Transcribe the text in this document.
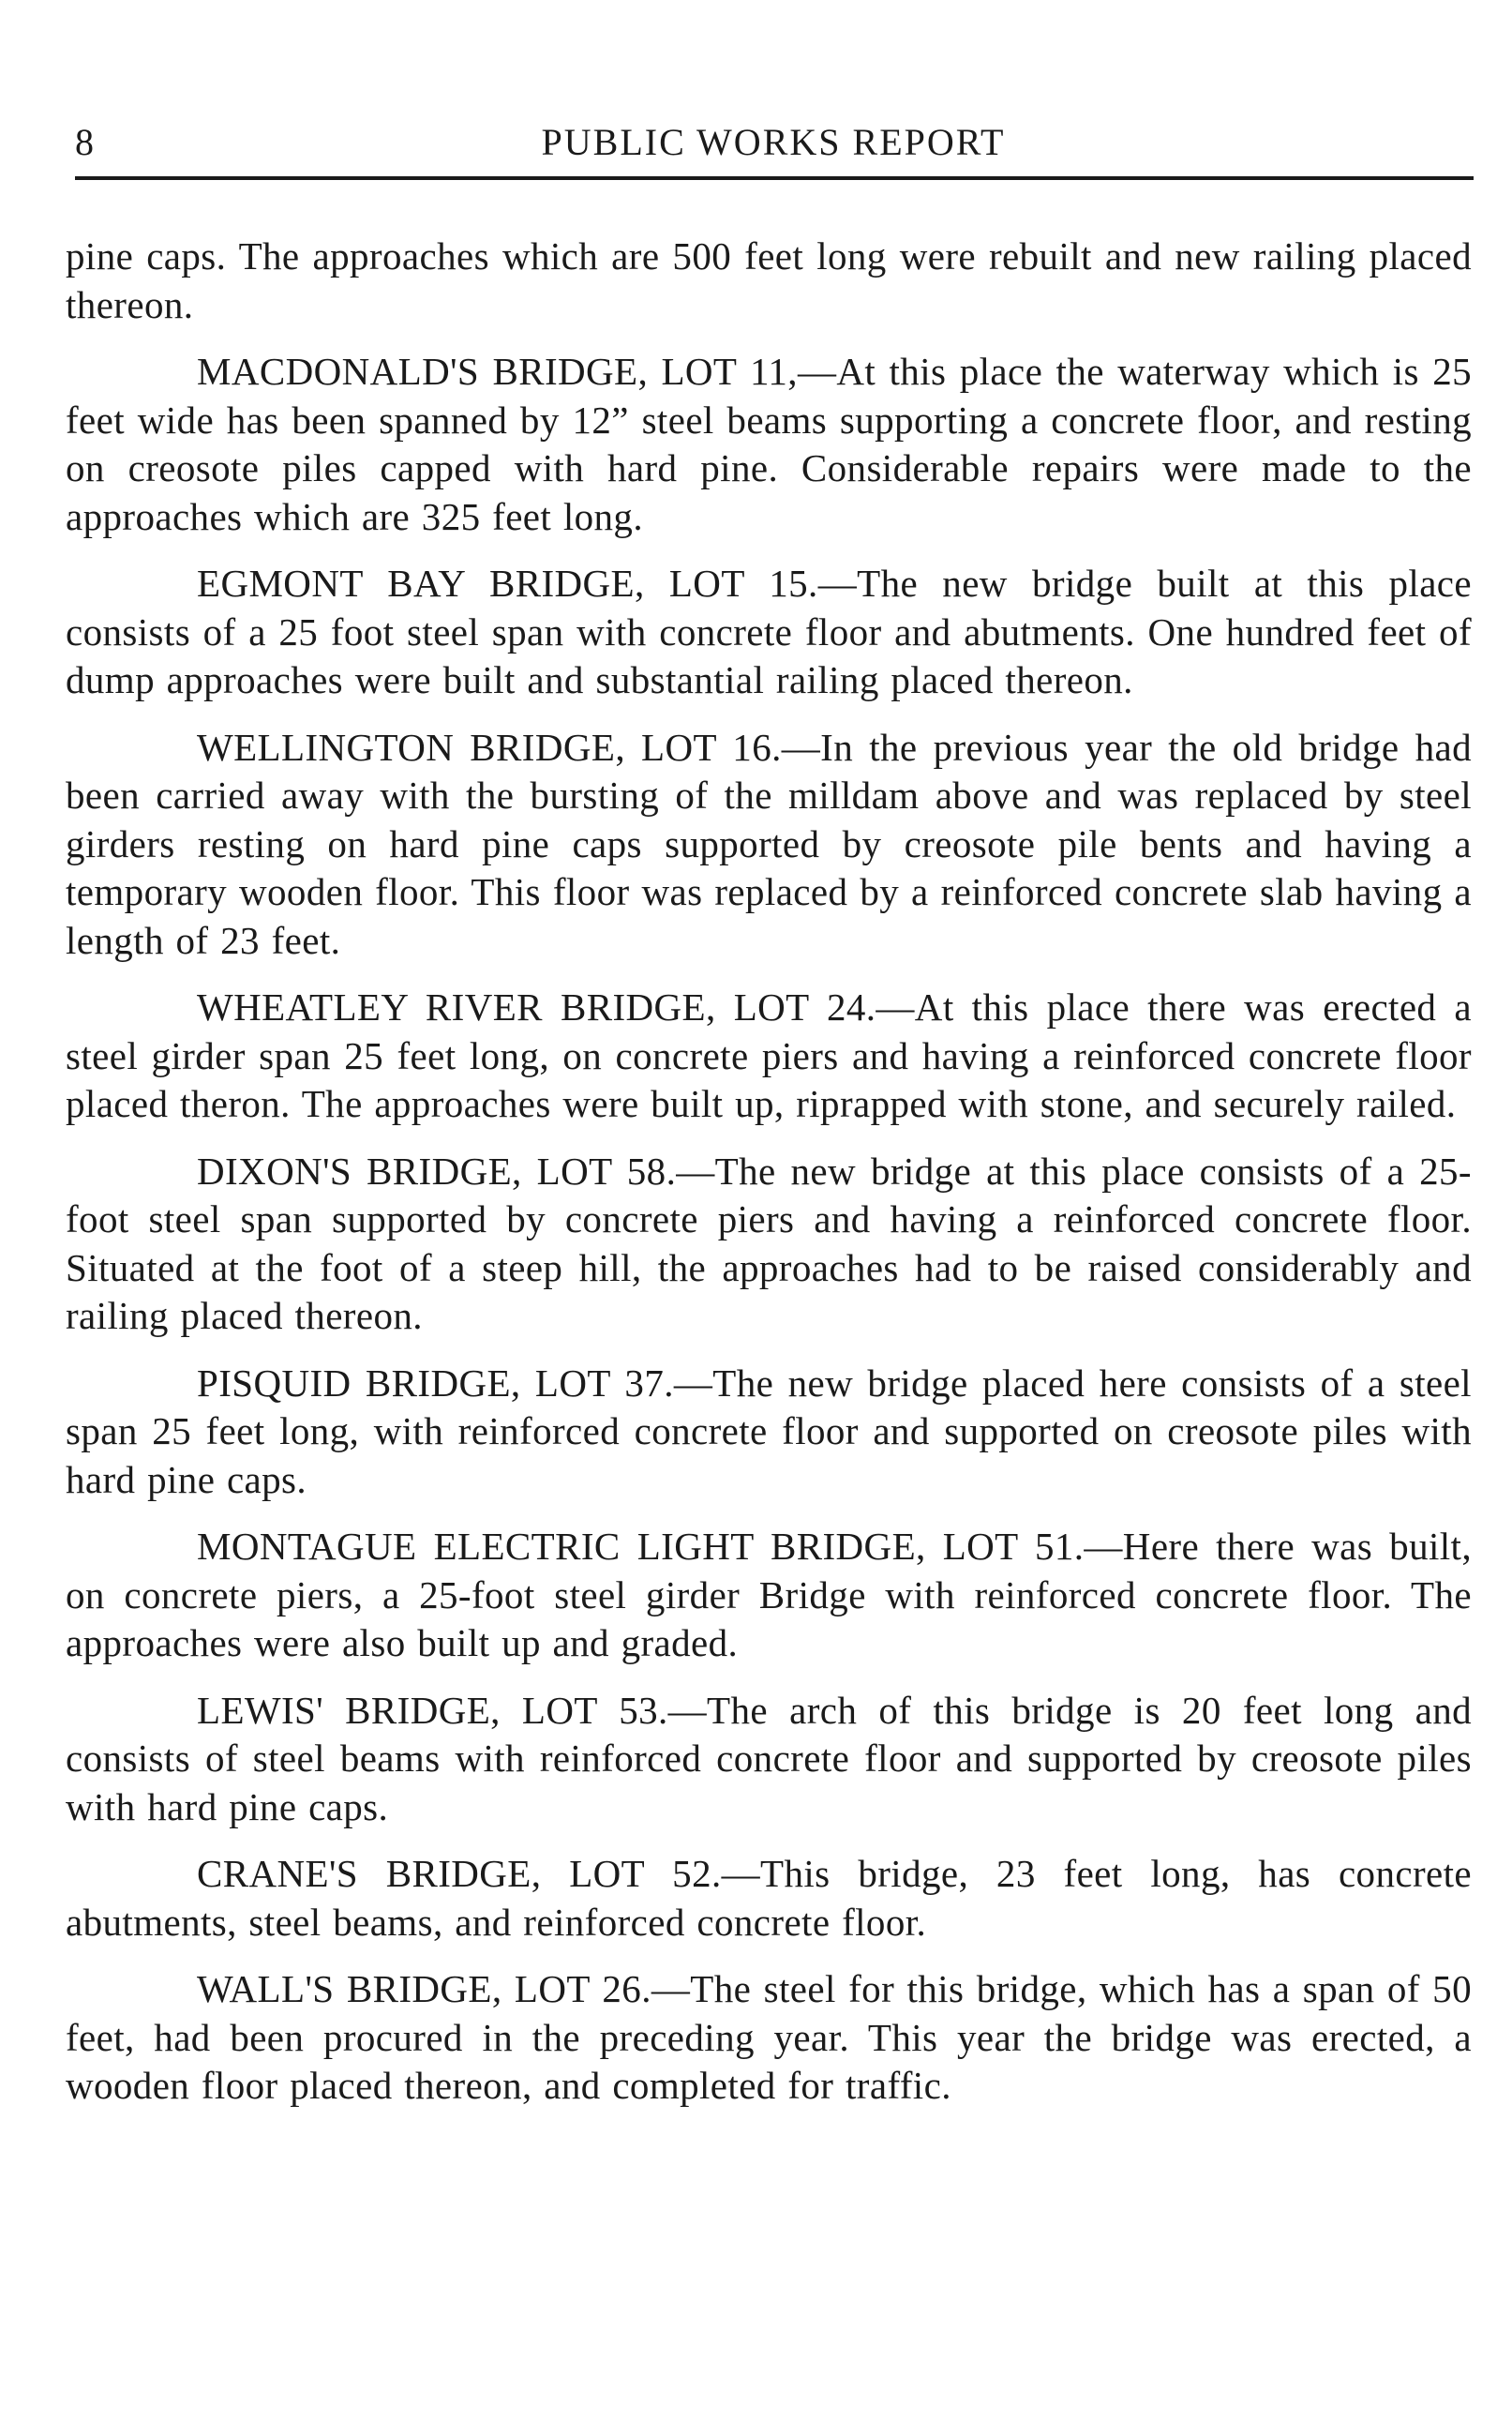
8	PUBLIC WORKS REPORT

pine caps. The approaches which are 500 feet long were rebuilt and new railing placed thereon.

MACDONALD'S BRIDGE, LOT 11,—At this place the waterway which is 25 feet wide has been spanned by 12” steel beams supporting a concrete floor, and resting on creosote piles capped with hard pine. Considerable repairs were made to the approaches which are 325 feet long.

EGMONT BAY BRIDGE, LOT 15.—The new bridge built at this place consists of a 25 foot steel span with concrete floor and abutments. One hundred feet of dump approaches were built and substantial railing placed thereon.

WELLINGTON BRIDGE, LOT 16.—In the previous year the old bridge had been carried away with the bursting of the milldam above and was replaced by steel girders resting on hard pine caps supported by creosote pile bents and having a temporary wooden floor. This floor was replaced by a reinforced concrete slab having a length of 23 feet.

WHEATLEY RIVER BRIDGE, LOT 24.—At this place there was erected a steel girder span 25 feet long, on concrete piers and having a reinforced concrete floor placed theron. The approaches were built up, riprapped with stone, and securely railed.

DIXON'S BRIDGE, LOT 58.—The new bridge at this place consists of a 25-foot steel span supported by concrete piers and having a reinforced concrete floor. Situated at the foot of a steep hill, the approaches had to be raised considerably and railing placed thereon.

PISQUID BRIDGE, LOT 37.—The new bridge placed here consists of a steel span 25 feet long, with reinforced concrete floor and supported on creosote piles with hard pine caps.

MONTAGUE ELECTRIC LIGHT BRIDGE, LOT 51.—Here there was built, on concrete piers, a 25-foot steel girder Bridge with reinforced concrete floor. The approaches were also built up and graded.

LEWIS' BRIDGE, LOT 53.—The arch of this bridge is 20 feet long and consists of steel beams with reinforced concrete floor and supported by creosote piles with hard pine caps.

CRANE'S BRIDGE, LOT 52.—This bridge, 23 feet long, has concrete abutments, steel beams, and reinforced concrete floor.

WALL'S BRIDGE, LOT 26.—The steel for this bridge, which has a span of 50 feet, had been procured in the preceding year. This year the bridge was erected, a wooden floor placed thereon, and completed for traffic.
